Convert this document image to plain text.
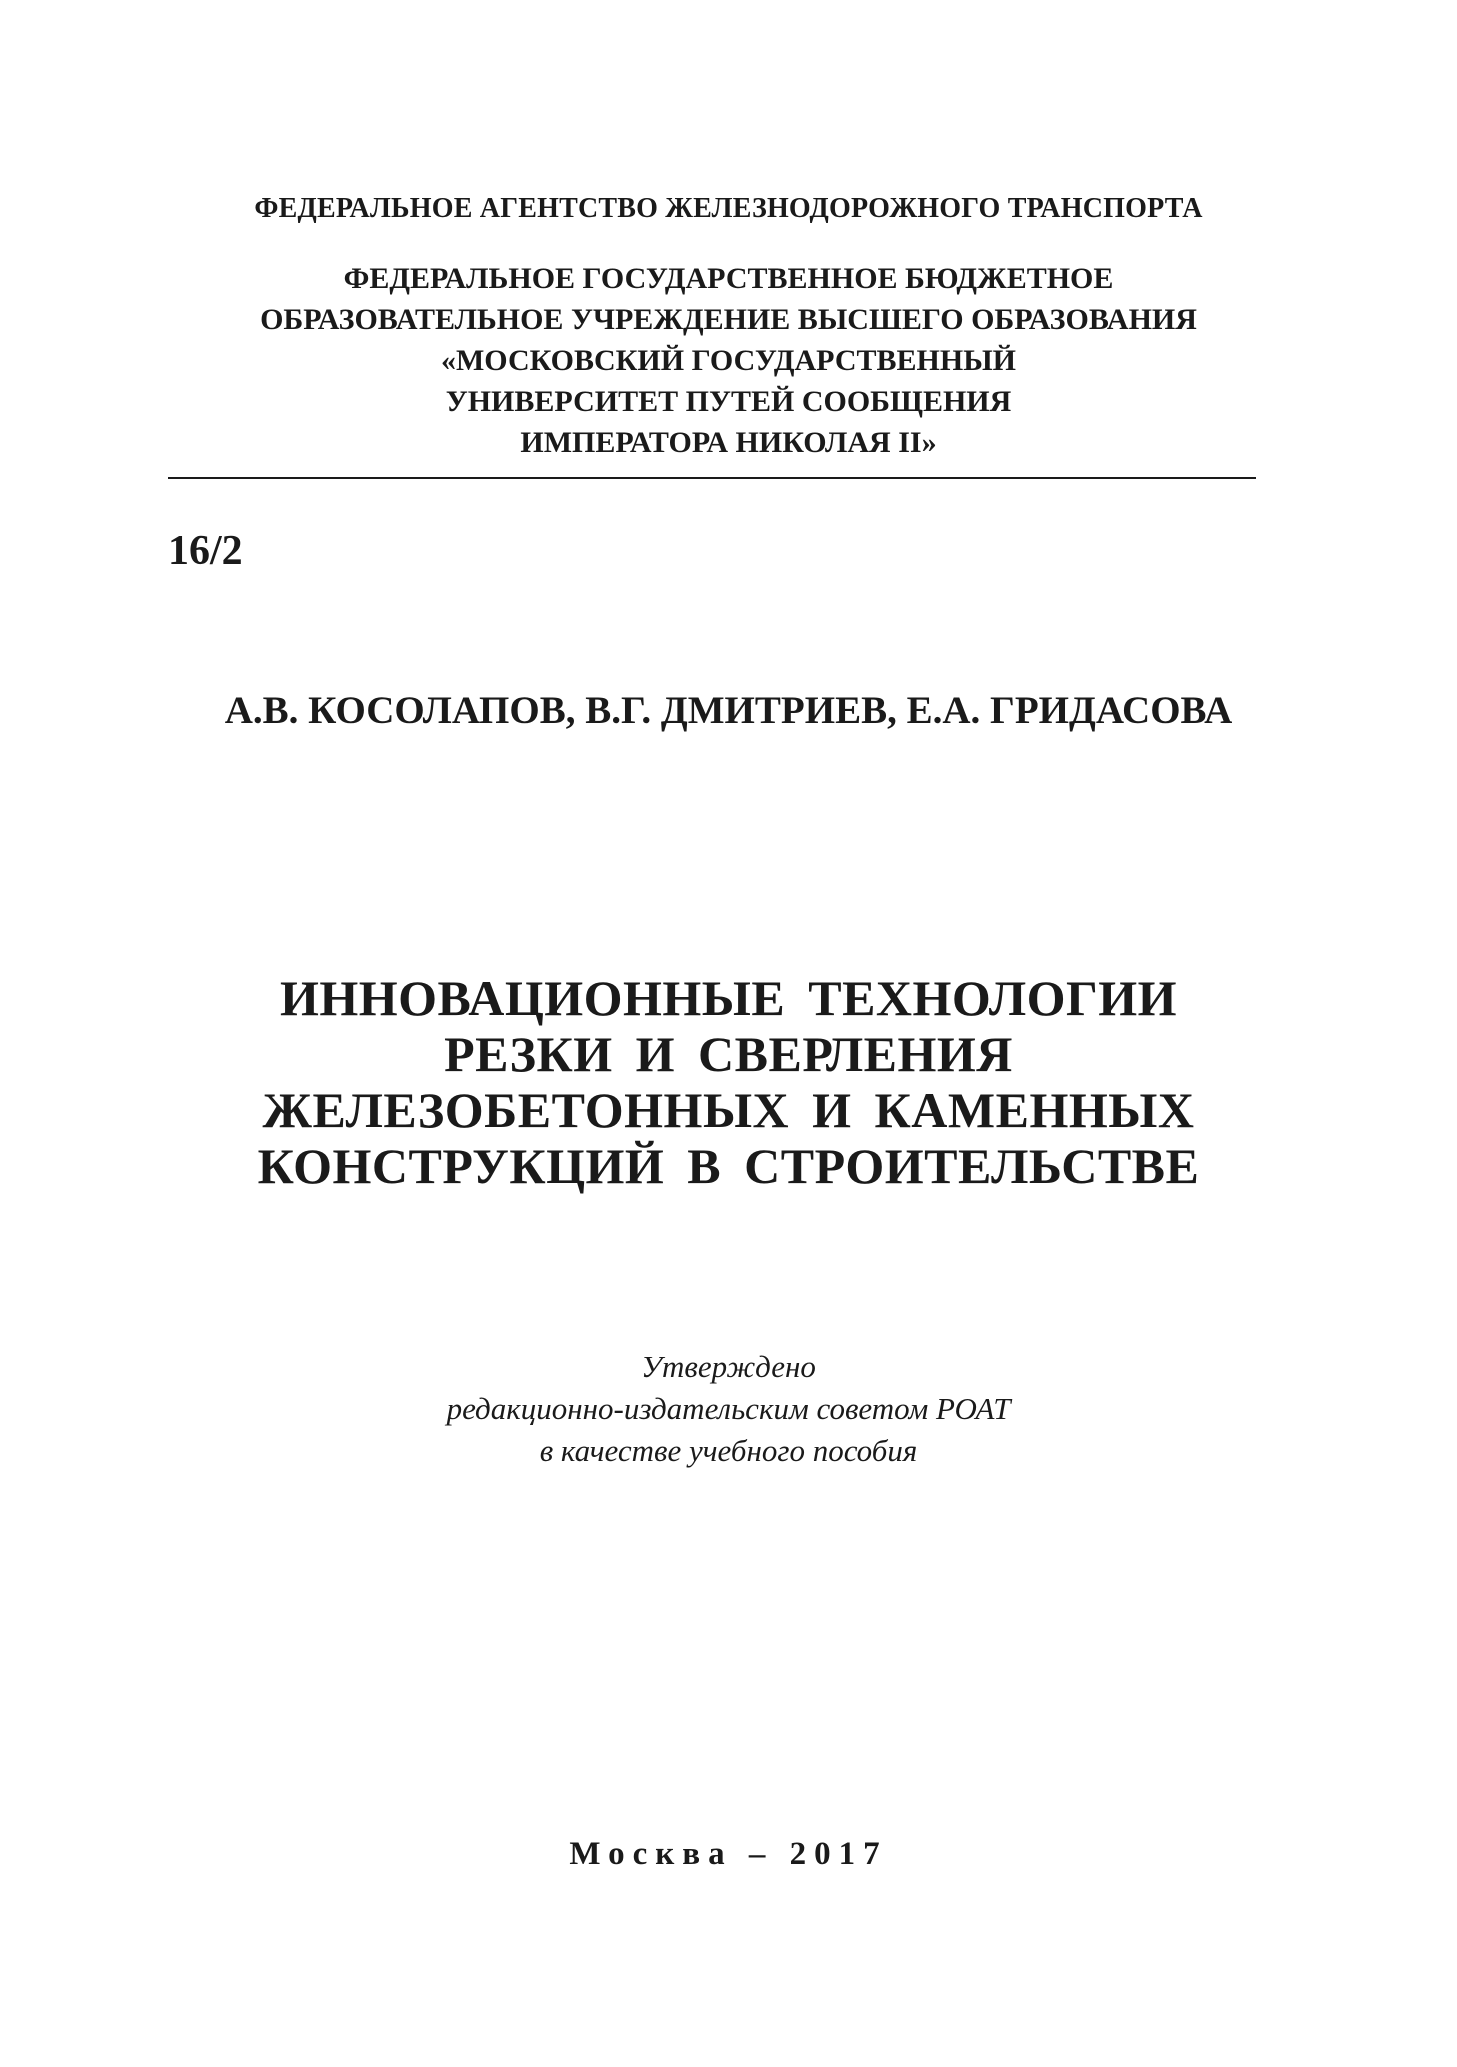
ФЕДЕРАЛЬНОЕ АГЕНТСТВО ЖЕЛЕЗНОДОРОЖНОГО ТРАНСПОРТА
ФЕДЕРАЛЬНОЕ ГОСУДАРСТВЕННОЕ БЮДЖЕТНОЕ
ОБРАЗОВАТЕЛЬНОЕ УЧРЕЖДЕНИЕ ВЫСШЕГО ОБРАЗОВАНИЯ
«МОСКОВСКИЙ ГОСУДАРСТВЕННЫЙ
УНИВЕРСИТЕТ ПУТЕЙ СООБЩЕНИЯ
ИМПЕРАТОРА НИКОЛАЯ II»
16/2
А.В. КОСОЛАПОВ, В.Г. ДМИТРИЕВ, Е.А. ГРИДАСОВА
ИННОВАЦИОННЫЕ ТЕХНОЛОГИИ
РЕЗКИ И СВЕРЛЕНИЯ
ЖЕЛЕЗОБЕТОННЫХ И КАМЕННЫХ
КОНСТРУКЦИЙ В СТРОИТЕЛЬСТВЕ
Утверждено
редакционно-издательским советом РОАТ
в качестве учебного пособия
Москва – 2017
